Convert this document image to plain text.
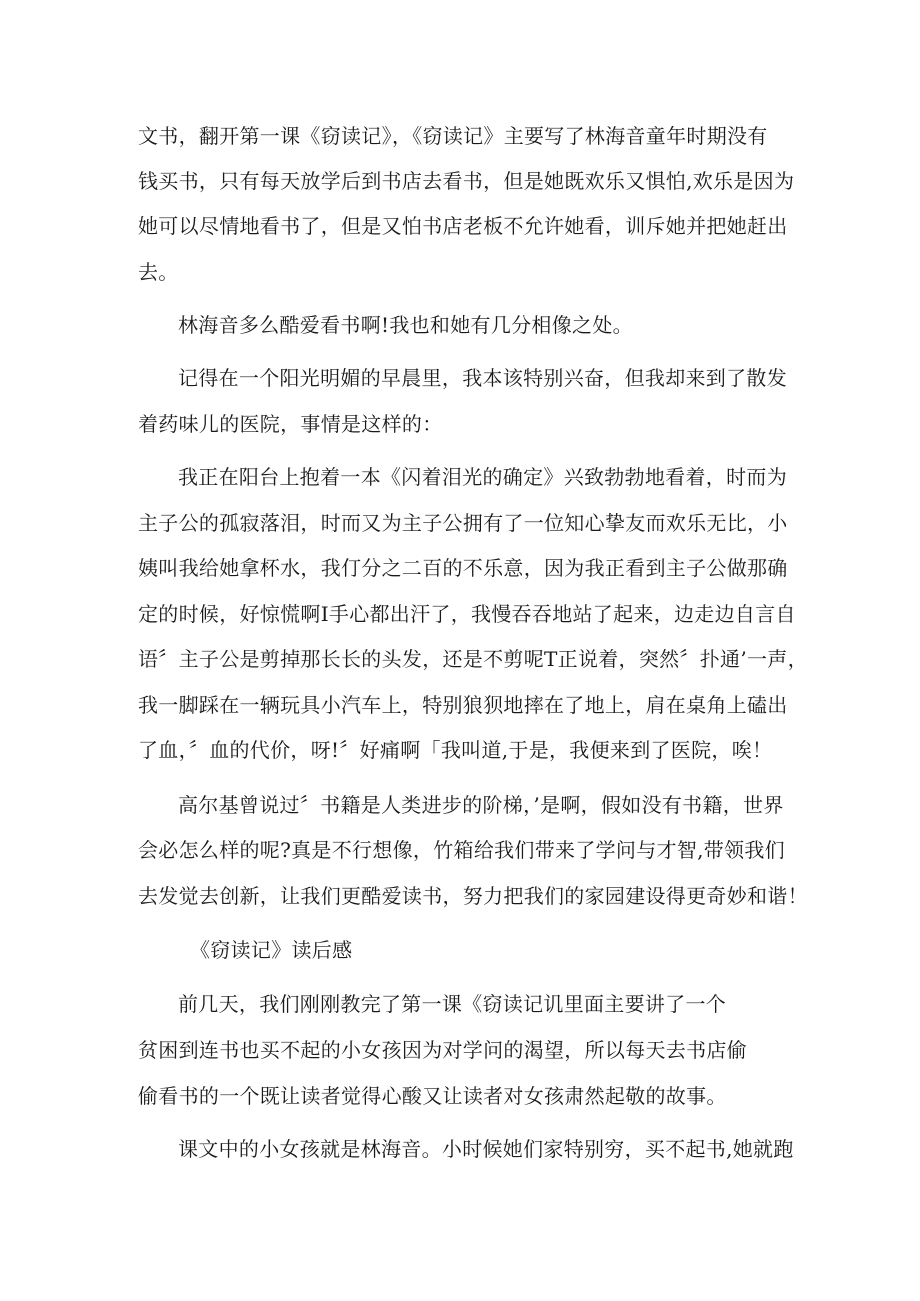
文书，翻开第一课《窃读记》，《窃读记》主要写了林海音童年时期没有
钱买书，只有每天放学后到书店去看书，但是她既欢乐又惧怕,欢乐是因为
她可以尽情地看书了，但是又怕书店老板不允许她看，训斥她并把她赶出
去。
林海音多么酷爱看书啊!我也和她有几分相像之处。
记得在一个阳光明媚的早晨里，我本该特别兴奋，但我却来到了散发
着药味儿的医院，事情是这样的：
我正在阳台上抱着一本《闪着泪光的确定》兴致勃勃地看着，时而为
主子公的孤寂落泪，时而又为主子公拥有了一位知心挚友而欢乐无比，小
姨叫我给她拿杯水，我仃分之二百的不乐意，因为我正看到主子公做那确
定的时候，好惊慌啊I手心都出汗了，我慢吞吞地站了起来，边走边自言自
语〞主子公是剪掉那长长的头发，还是不剪呢T正说着，突然〞扑通’一声，
我一脚踩在一辆玩具小汽车上，特别狼狈地摔在了地上，肩在桌角上磕出
了血，〞血的代价，呀!〞好痛啊「我叫道,于是，我便来到了医院，唉！
高尔基曾说过〞书籍是人类进步的阶梯，’是啊，假如没有书籍，世界
会必怎么样的呢?真是不行想像，竹箱给我们带来了学问与才智,带领我们
去发觉去创新，让我们更酷爱读书，努力把我们的家园建设得更奇妙和谐！
《窃读记》读后感
前几天，我们刚刚教完了第一课《窃读记讥里面主要讲了一个
贫困到连书也买不起的小女孩因为对学问的渴望，所以每天去书店偷
偷看书的一个既让读者觉得心酸又让读者对女孩肃然起敬的故事。
课文中的小女孩就是林海音。小时候她们家特别穷，买不起书,她就跑
